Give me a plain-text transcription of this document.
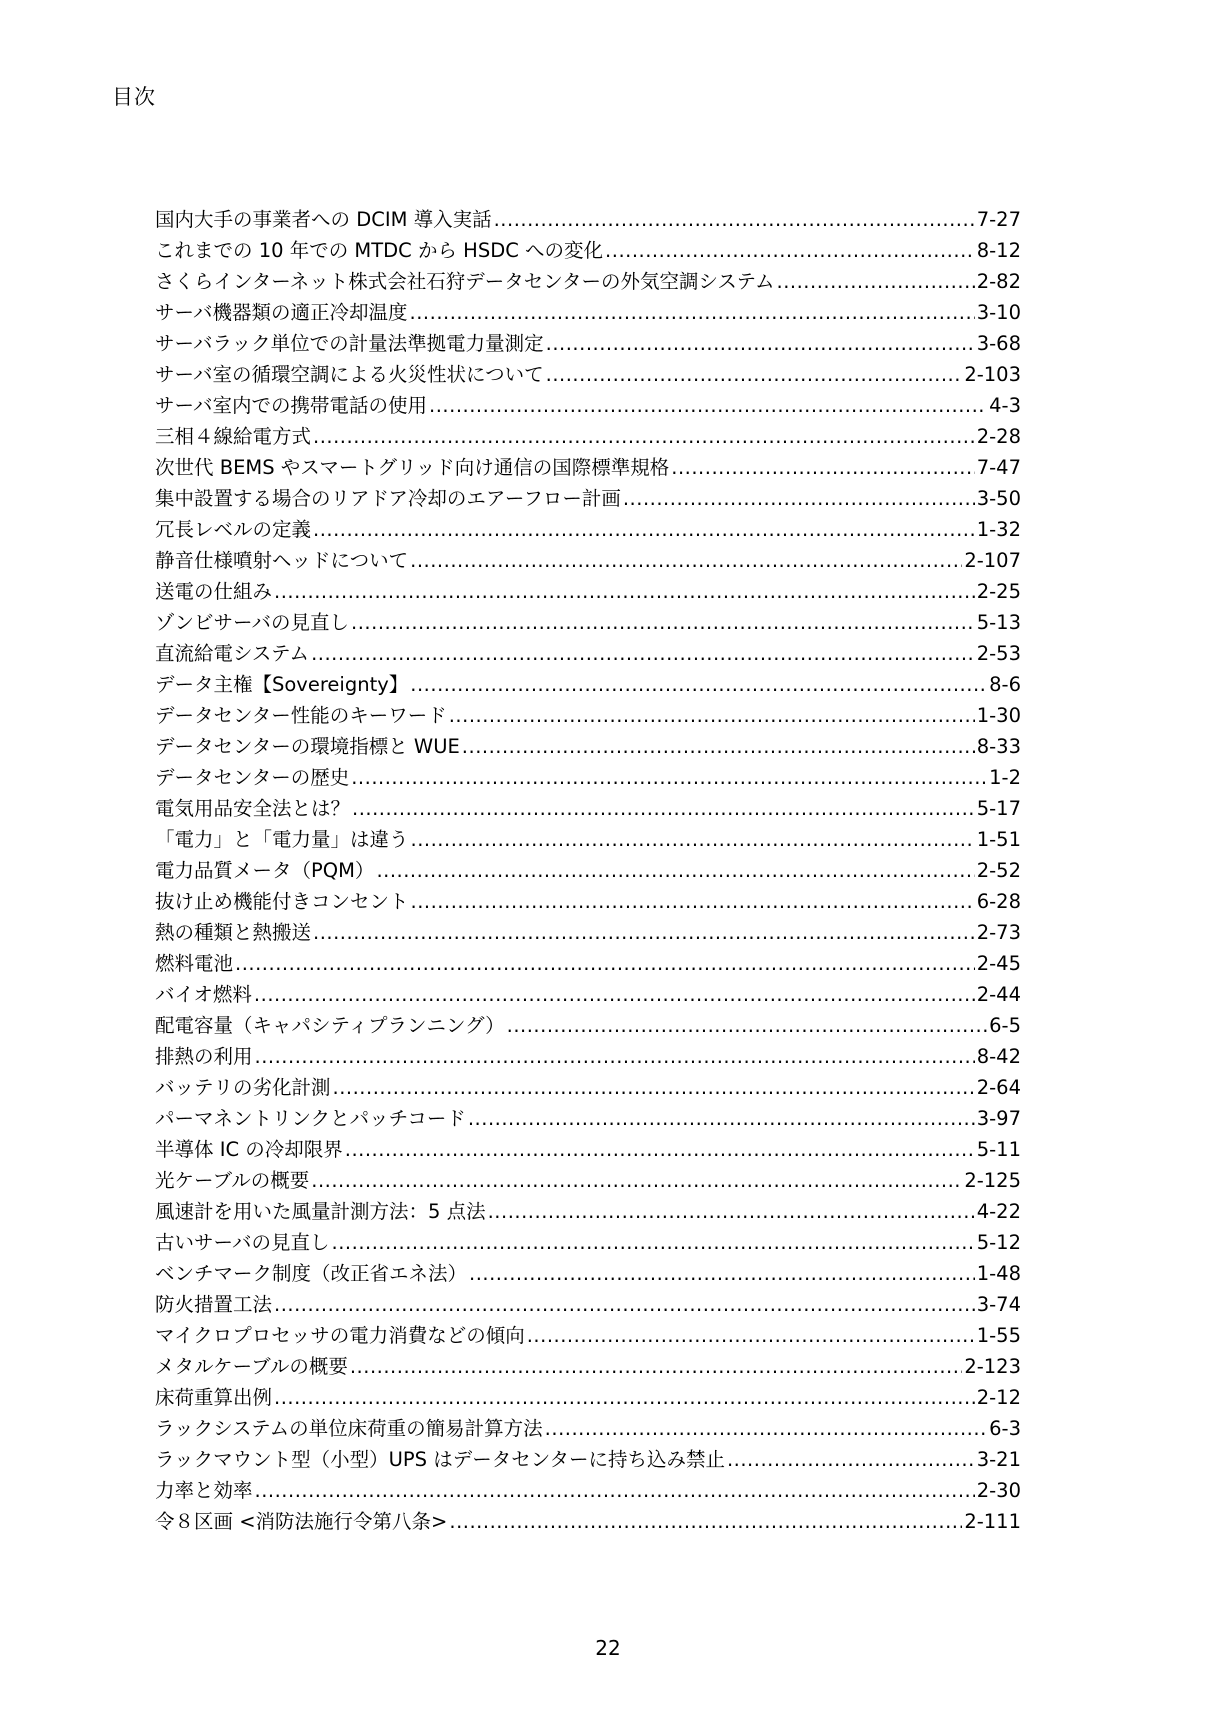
目次
国内大手の事業者への DCIM 導入実話 .....	7-27
これまでの 10 年での MTDC から HSDC への変化 .....	8-12
さくらインターネット株式会社石狩データセンターの外気空調システム .....	2-82
サーバ機器類の適正冷却温度 .....	3-10
サーバラック単位での計量法準拠電力量測定 .....	3-68
サーバ室の循環空調による火災性状について .....	2-103
サーバ室内での携帯電話の使用 .....	4-3
三相４線給電方式 .....	2-28
次世代 BEMS やスマートグリッド向け通信の国際標準規格 .....	7-47
集中設置する場合のリアドア冷却のエアーフロー計画 .....	3-50
冗長レベルの定義 .....	1-32
静音仕様噴射ヘッドについて .....	2-107
送電の仕組み .....	2-25
ゾンビサーバの見直し .....	5-13
直流給電システム .....	2-53
データ主権【Sovereignty】 .....	8-6
データセンター性能のキーワード .....	1-30
データセンターの環境指標と WUE .....	8-33
データセンターの歴史 .....	1-2
電気用品安全法とは？ .....	5-17
「電力」と「電力量」は違う .....	1-51
電力品質メータ（PQM） .....	2-52
抜け止め機能付きコンセント .....	6-28
熱の種類と熱搬送 .....	2-73
燃料電池 .....	2-45
バイオ燃料 .....	2-44
配電容量（キャパシティプランニング） .....	6-5
排熱の利用 .....	8-42
バッテリの劣化計測 .....	2-64
パーマネントリンクとパッチコード .....	3-97
半導体 IC の冷却限界 .....	5-11
光ケーブルの概要 .....	2-125
風速計を用いた風量計測方法：5 点法 .....	4-22
古いサーバの見直し .....	5-12
ベンチマーク制度（改正省エネ法） .....	1-48
防火措置工法 .....	3-74
マイクロプロセッサの電力消費などの傾向 .....	1-55
メタルケーブルの概要 .....	2-123
床荷重算出例 .....	2-12
ラックシステムの単位床荷重の簡易計算方法 .....	6-3
ラックマウント型（小型）UPS はデータセンターに持ち込み禁止 .....	3-21
力率と効率 .....	2-30
令８区画 <消防法施行令第八条> .....	2-111
22
